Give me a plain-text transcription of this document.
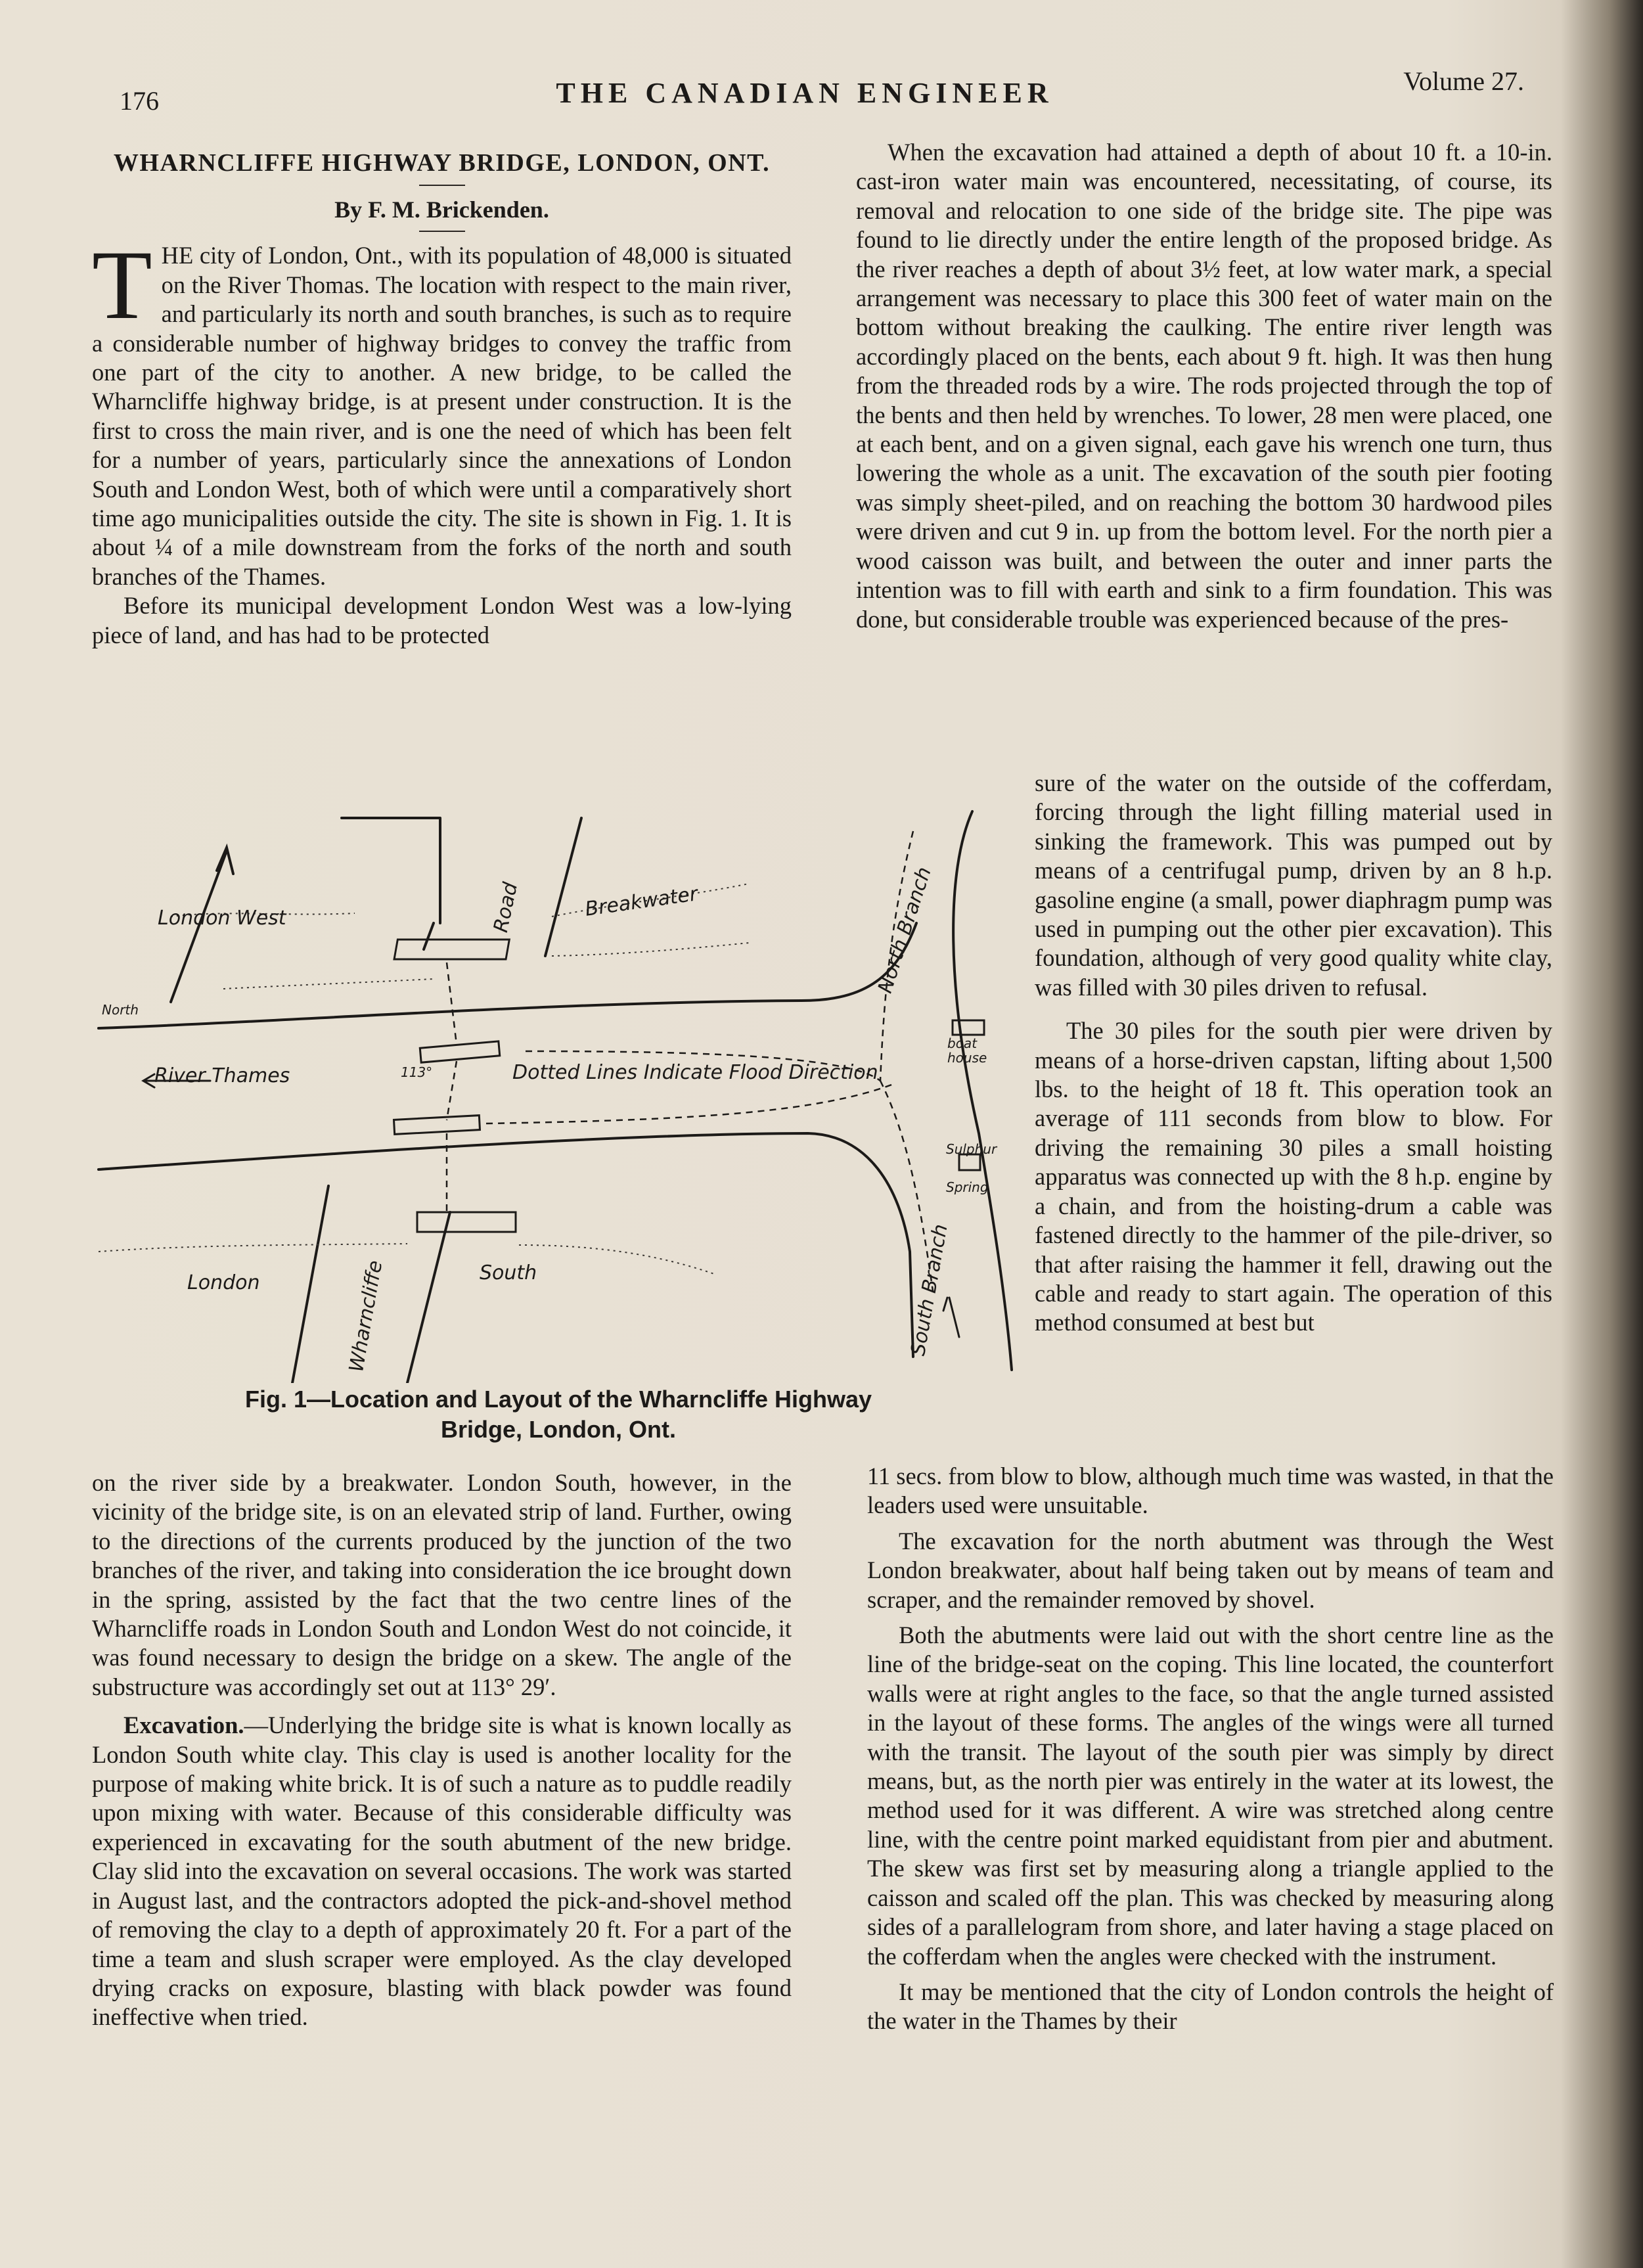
176	THE CANADIAN ENGINEER	Volume 27.
WHARNCLIFFE HIGHWAY BRIDGE, LONDON, ONT.
By F. M. Brickenden.

THE city of London, Ont., with its population of 48,000 is situated on the River Thomas. The location with respect to the main river, and particularly its north and south branches, is such as to require a considerable number of highway bridges to convey the traffic from one part of the city to another. A new bridge, to be called the Wharncliffe highway bridge, is at present under construction. It is the first to cross the main river, and is one the need of which has been felt for a number of years, particularly since the annexations of London South and London West, both of which were until a comparatively short time ago municipalities outside the city. The site is shown in Fig. 1. It is about ¼ of a mile downstream from the forks of the north and south branches of the Thames.

Before its municipal development London West was a low-lying piece of land, and has had to be protected

When the excavation had attained a depth of about 10 ft. a 10-in. cast-iron water main was encountered, necessitating, of course, its removal and relocation to one side of the bridge site. The pipe was found to lie directly under the entire length of the proposed bridge. As the river reaches a depth of about 3½ feet, at low water mark, a special arrangement was necessary to place this 300 feet of water main on the bottom without breaking the caulking. The entire river length was accordingly placed on the bents, each about 9 ft. high. It was then hung from the threaded rods by a wire. The rods projected through the top of the bents and then held by wrenches. To lower, 28 men were placed, one at each bent, and on a given signal, each gave his wrench one turn, thus lowering the whole as a unit. The excavation of the south pier footing was simply sheet-piled, and on reaching the bottom 30 hardwood piles were driven and cut 9 in. up from the bottom level. For the north pier a wood caisson was built, and between the outer and inner parts the intention was to fill with earth and sink to a firm foundation. This was done, but considerable trouble was experienced because of the pres-

sure of the water on the outside of the cofferdam, forcing through the light filling material used in sinking the framework. This was pumped out by means of a centrifugal pump, driven by an 8 h.p. gasoline engine (a small, power diaphragm pump was used in pumping out the other pier excavation). This foundation, although of very good quality white clay, was filled with 30 piles driven to refusal.

The 30 piles for the south pier were driven by means of a horse-driven capstan, lifting about 1,500 lbs. to the height of 18 ft. This operation took an average of 111 seconds from blow to blow. For driving the remaining 30 piles a small hoisting apparatus was connected up with the 8 h.p. engine by a chain, and from the hoisting-drum a cable was fastened directly to the hammer of the pile-driver, so that after raising the hammer it fell, drawing out the cable and ready to start again. The operation of this method consumed at best but

London West	Road	Breakwater	North Branch
North
River Thames	Dotted Lines Indicate Flood Direction
113°
boat house
Sulphur Spring
London	South
Wharncliffe	South Branch
Fig. 1—Location and Layout of the Wharncliffe Highway
Bridge, London, Ont.

on the river side by a breakwater. London South, however, in the vicinity of the bridge site, is on an elevated strip of land. Further, owing to the directions of the currents produced by the junction of the two branches of the river, and taking into consideration the ice brought down in the spring, assisted by the fact that the two centre lines of the Wharncliffe roads in London South and London West do not coincide, it was found necessary to design the bridge on a skew. The angle of the substructure was accordingly set out at 113° 29′.

Excavation.—Underlying the bridge site is what is known locally as London South white clay. This clay is used is another locality for the purpose of making white brick. It is of such a nature as to puddle readily upon mixing with water. Because of this considerable difficulty was experienced in excavating for the south abutment of the new bridge. Clay slid into the excavation on several occasions. The work was started in August last, and the contractors adopted the pick-and-shovel method of removing the clay to a depth of approximately 20 ft. For a part of the time a team and slush scraper were employed. As the clay developed drying cracks on exposure, blasting with black powder was found ineffective when tried.

11 secs. from blow to blow, although much time was wasted, in that the leaders used were unsuitable.

The excavation for the north abutment was through the West London breakwater, about half being taken out by means of team and scraper, and the remainder removed by shovel.

Both the abutments were laid out with the short centre line as the line of the bridge-seat on the coping. This line located, the counterfort walls were at right angles to the face, so that the angle turned assisted in the layout of these forms. The angles of the wings were all turned with the transit. The layout of the south pier was simply by direct means, but, as the north pier was entirely in the water at its lowest, the method used for it was different. A wire was stretched along centre line, with the centre point marked equidistant from pier and abutment. The skew was first set by measuring along a triangle applied to the caisson and scaled off the plan. This was checked by measuring along sides of a parallelogram from shore, and later having a stage placed on the cofferdam when the angles were checked with the instrument.

It may be mentioned that the city of London controls the height of the water in the Thames by their
